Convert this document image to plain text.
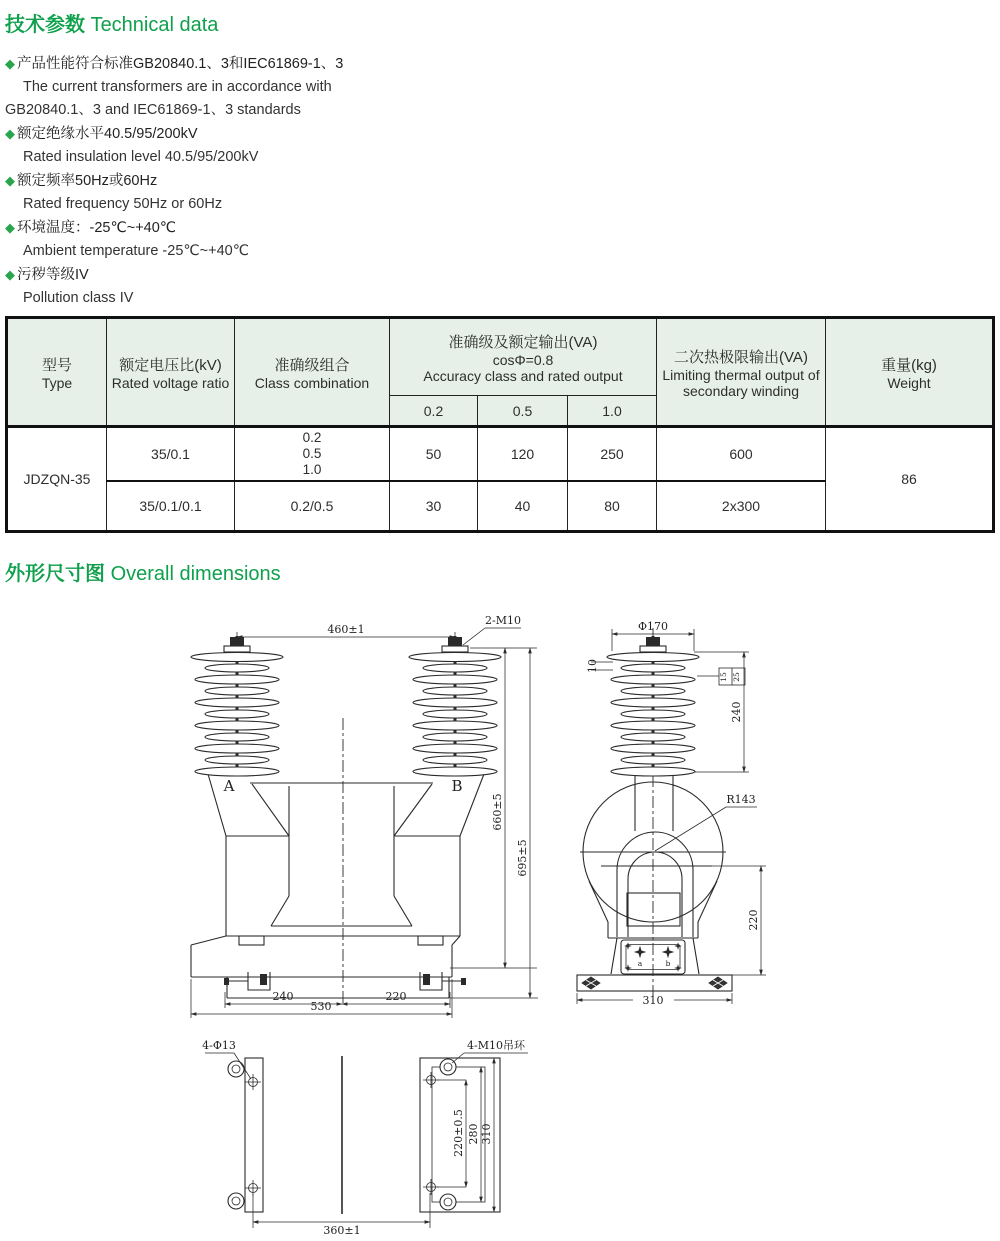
技术参数 Technical data
◆ 产品性能符合标准GB20840.1、3和IEC61869-1、3
The current transformers are in accordance with
GB20840.1、3 and IEC61869-1、3 standards
◆ 额定绝缘水平40.5/95/200kV
Rated insulation level 40.5/95/200kV
◆ 额定频率50Hz或60Hz
Rated frequency 50Hz or 60Hz
◆ 环境温度：-25℃~+40℃
Ambient temperature -25℃~+40℃
◆ 污秽等级IV
Pollution class IV
型号
Type

额定电压比(kV)
Rated voltage ratio

准确级组合
Class combination

准确级及额定输出(VA)
cosΦ=0.8
Accuracy class and rated output

二次热极限输出(VA)
Limiting thermal output of secondary winding

重量(kg)
Weight

			0.2	0.5	1.0		
JDZQN-35	35/0.1	0.2
0.5
1.0	50	120	250	600	86
	35/0.1/0.1	0.2/0.5	30	40	80	2x300	
外形尺寸图 Overall dimensions
A	B
460±1
2-M10
660±5
695±5
240	220
530
a	b
Φ170
10
15 25
240
R143
220
310
4-Φ13	4-M10吊环
220±0.5 280 310
360±1
